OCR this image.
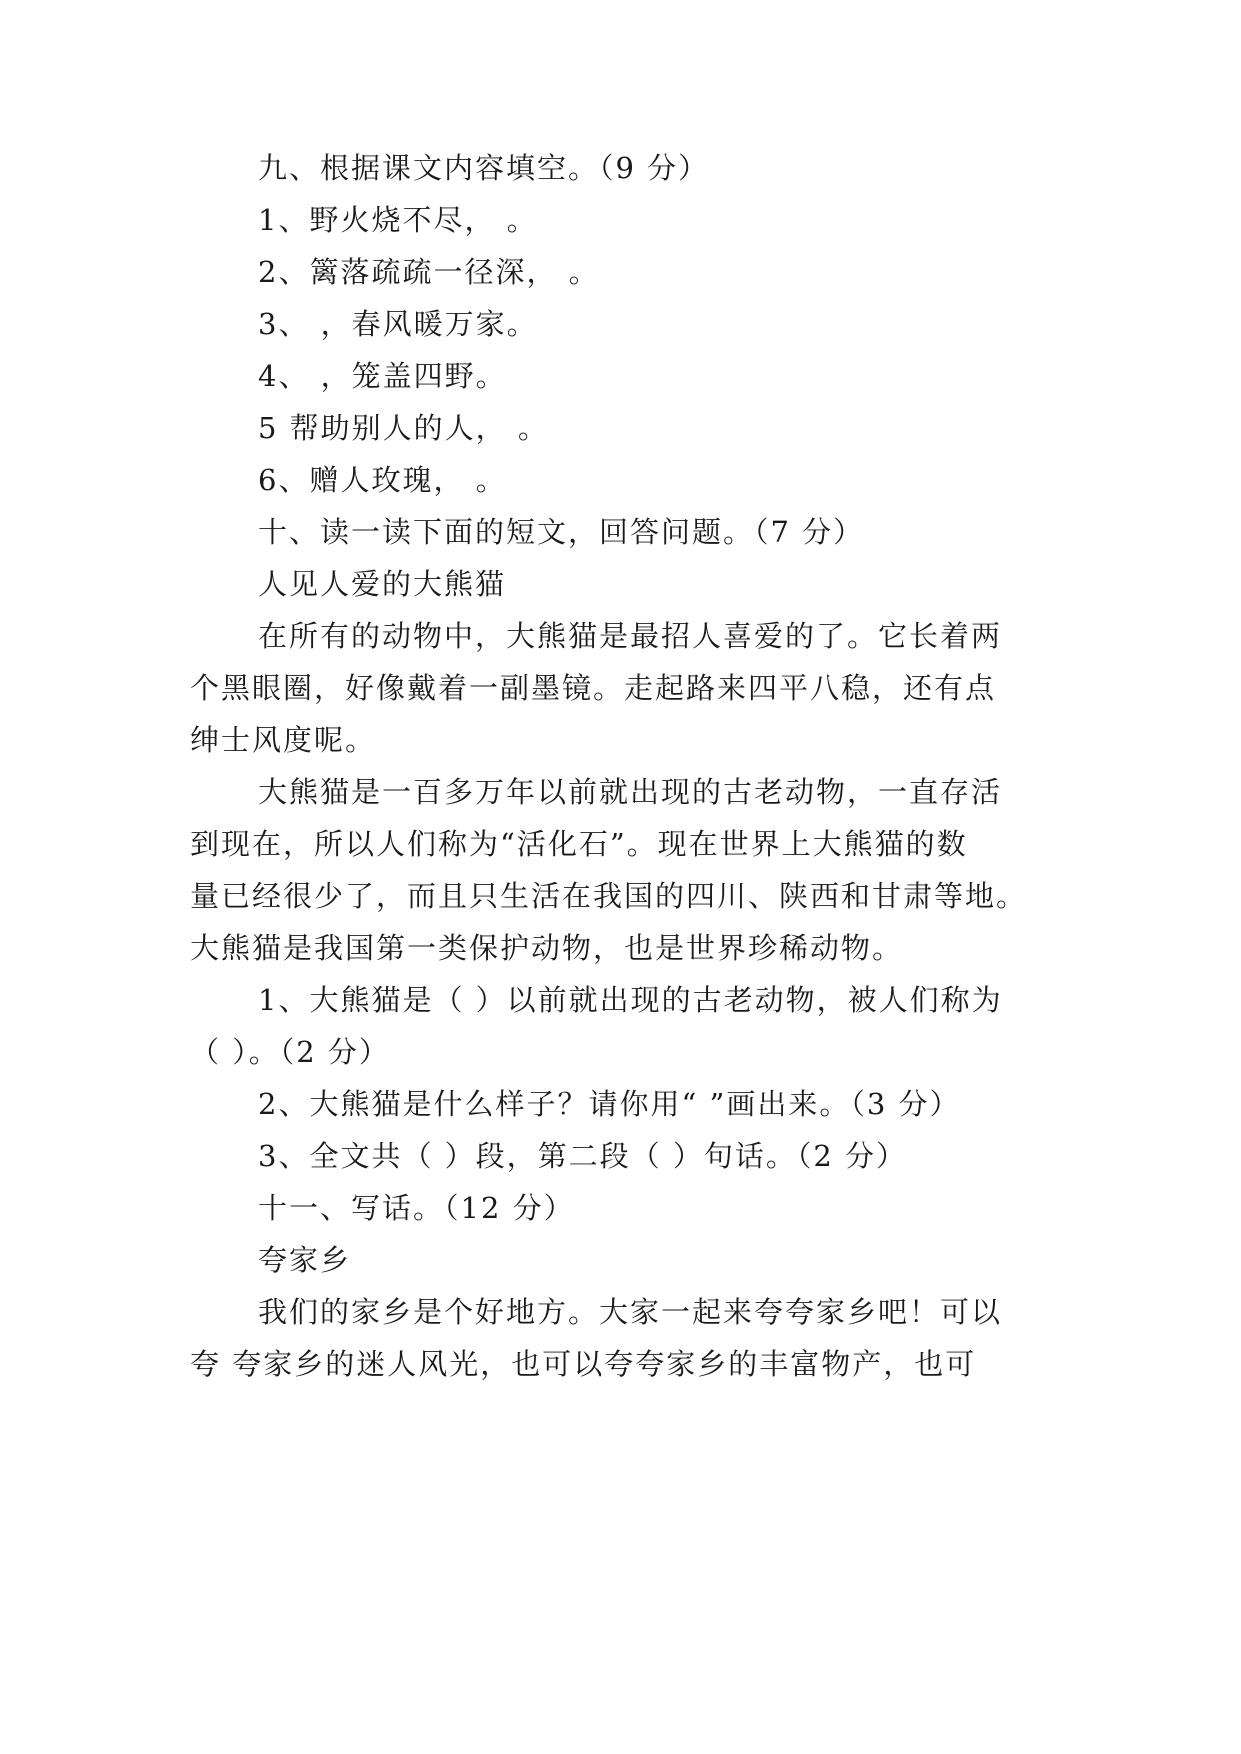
九、根据课文内容填空。（9 分）
1、野火烧不尽， 。
2、篱落疏疏一径深， 。
3、 ，春风暖万家。
4、 ，笼盖四野。
5 帮助别人的人， 。
6、赠人玫瑰， 。
十、读一读下面的短文，回答问题。（7 分）
人见人爱的大熊猫
在所有的动物中，大熊猫是最招人喜爱的了。它长着两
个黑眼圈，好像戴着一副墨镜。走起路来四平八稳，还有点
绅士风度呢。
大熊猫是一百多万年以前就出现的古老动物，一直存活
到现在，所以人们称为“活化石”。现在世界上大熊猫的数
量已经很少了，而且只生活在我国的四川、陕西和甘肃等地。
大熊猫是我国第一类保护动物，也是世界珍稀动物。
1、大熊猫是（ ）以前就出现的古老动物，被人们称为
（ ）。（2 分）
2、大熊猫是什么样子？请你用“ ”画出来。（3 分）
3、全文共（ ）段，第二段（ ）句话。（2 分）
十一、写话。（12 分）
夸家乡
我们的家乡是个好地方。大家一起来夸夸家乡吧！可以
夸 夸家乡的迷人风光，也可以夸夸家乡的丰富物产，也可
